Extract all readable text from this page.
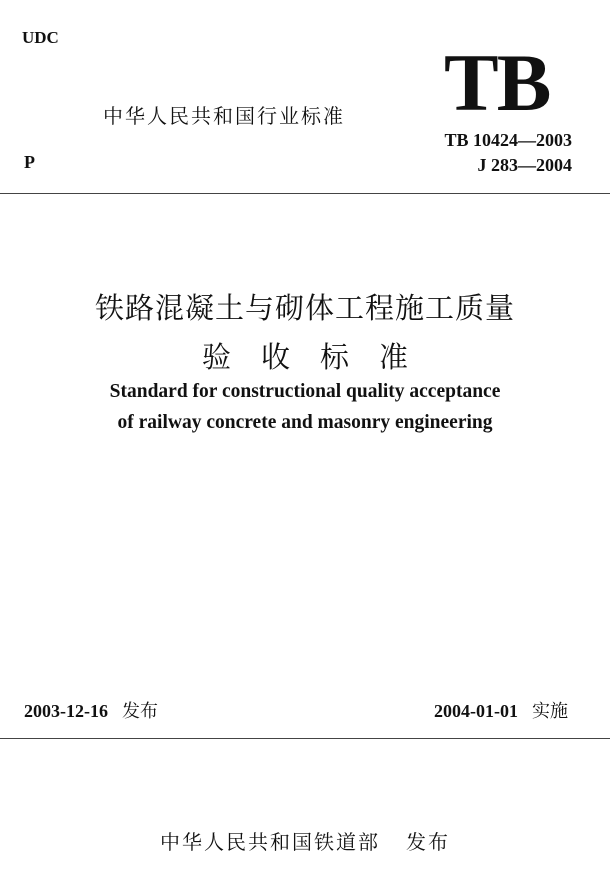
UDC
中华人民共和国行业标准 TB
TB 10424—2003
J 283—2004
P
铁路混凝土与砌体工程施工质量
验收标准
Standard for constructional quality acceptance
of railway concrete and masonry engineering
2003-12-16 发布	2004-01-01 实施
中华人民共和国铁道部 发布
